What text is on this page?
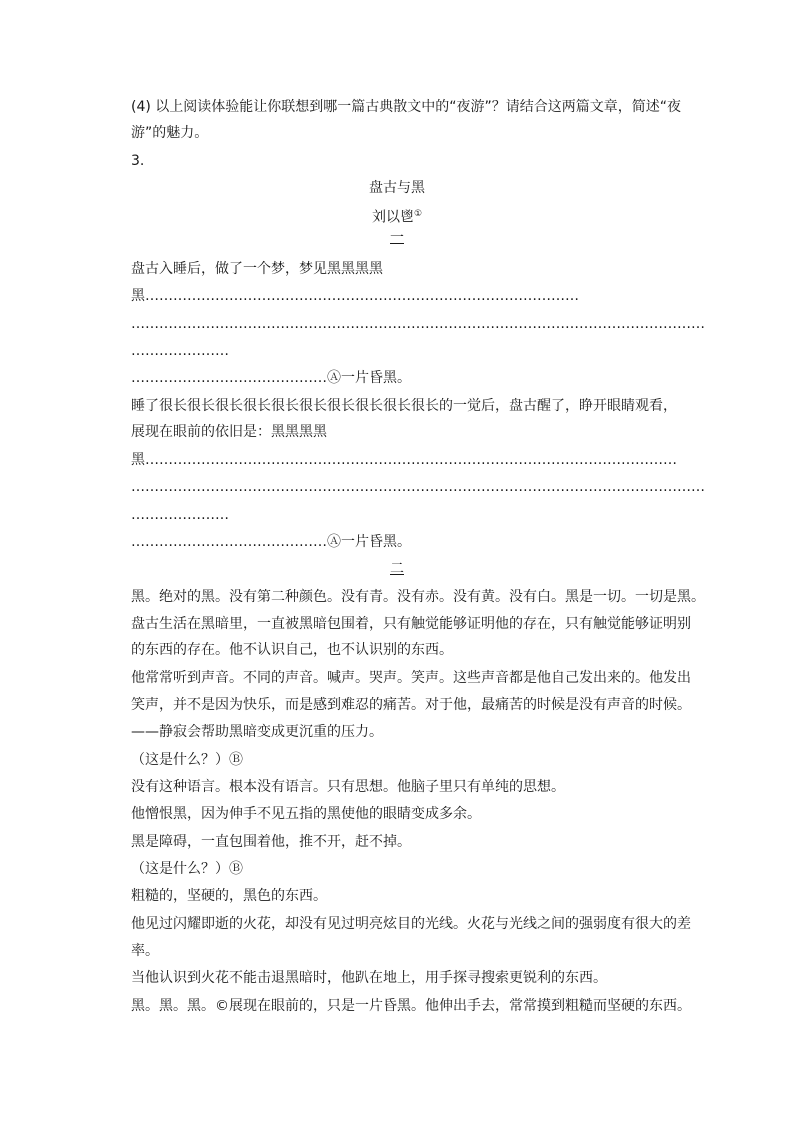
(4) 以上阅读体验能让你联想到哪一篇古典散文中的“夜游”？请结合这两篇文章，简述“夜
游”的魅力。
3.
盘古与黑
刘以鬯①
一
盘古入睡后，做了一个梦，梦见黑黑黑黑
黑…………………………………………………………………………………
……………………………………………………………………………………………………………
…………………
……………………………………Ⓐ一片昏黑。
睡了很长很长很长很长很长很长很长很长很长很长的一觉后，盘古醒了，睁开眼睛观看，
展现在眼前的依旧是：黑黑黑黑
黑……………………………………………………………………………………………………
……………………………………………………………………………………………………………
…………………
……………………………………Ⓐ一片昏黑。
二
黑。绝对的黑。没有第二种颜色。没有青。没有赤。没有黄。没有白。黑是一切。一切是黑。
盘古生活在黑暗里，一直被黑暗包围着，只有触觉能够证明他的存在，只有触觉能够证明别
的东西的存在。他不认识自己，也不认识别的东西。
他常常听到声音。不同的声音。喊声。哭声。笑声。这些声音都是他自己发出来的。他发出
笑声，并不是因为快乐，而是感到难忍的痛苦。对于他，最痛苦的时候是没有声音的时候。
——静寂会帮助黑暗变成更沉重的压力。
（这是什么？）Ⓑ
没有这种语言。根本没有语言。只有思想。他脑子里只有单纯的思想。
他憎恨黑，因为伸手不见五指的黑使他的眼睛变成多余。
黑是障碍，一直包围着他，推不开，赶不掉。
（这是什么？）Ⓑ
粗糙的，坚硬的，黑色的东西。
他见过闪耀即逝的火花，却没有见过明亮炫目的光线。火花与光线之间的强弱度有很大的差
率。
当他认识到火花不能击退黑暗时，他趴在地上，用手探寻搜索更锐利的东西。
黑。黑。黑。©展现在眼前的，只是一片昏黑。他伸出手去，常常摸到粗糙而坚硬的东西。
